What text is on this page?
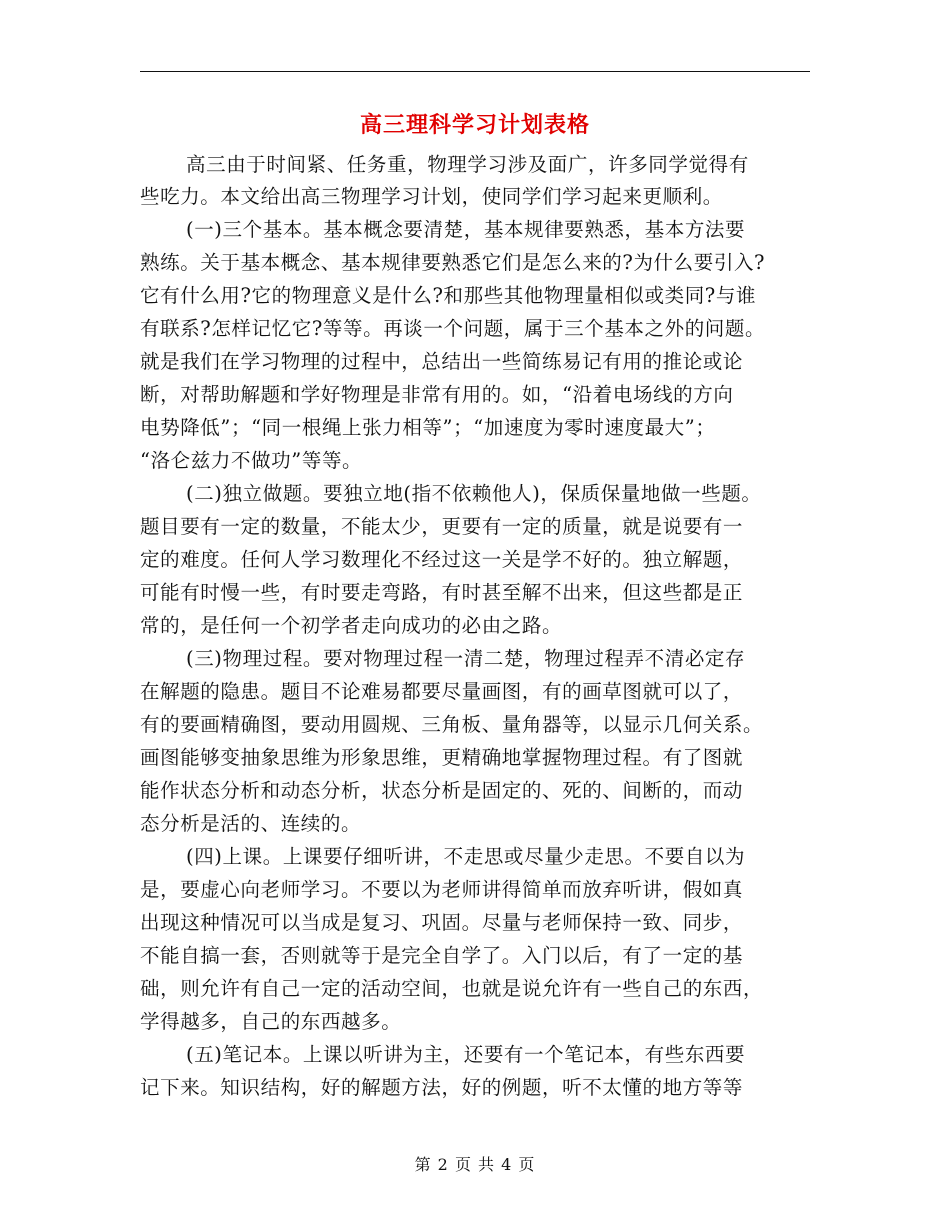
高三理科学习计划表格
高三由于时间紧、任务重，物理学习涉及面广，许多同学觉得有
些吃力。本文给出高三物理学习计划，使同学们学习起来更顺利。
(一)三个基本。基本概念要清楚，基本规律要熟悉，基本方法要
熟练。关于基本概念、基本规律要熟悉它们是怎么来的?为什么要引入?
它有什么用?它的物理意义是什么?和那些其他物理量相似或类同?与谁
有联系?怎样记忆它?等等。再谈一个问题，属于三个基本之外的问题。
就是我们在学习物理的过程中，总结出一些简练易记有用的推论或论
断，对帮助解题和学好物理是非常有用的。如，“沿着电场线的方向
电势降低”；“同一根绳上张力相等”；“加速度为零时速度最大”；
“洛仑兹力不做功”等等。
(二)独立做题。要独立地(指不依赖他人)，保质保量地做一些题。
题目要有一定的数量，不能太少，更要有一定的质量，就是说要有一
定的难度。任何人学习数理化不经过这一关是学不好的。独立解题，
可能有时慢一些，有时要走弯路，有时甚至解不出来，但这些都是正
常的，是任何一个初学者走向成功的必由之路。
(三)物理过程。要对物理过程一清二楚，物理过程弄不清必定存
在解题的隐患。题目不论难易都要尽量画图，有的画草图就可以了，
有的要画精确图，要动用圆规、三角板、量角器等，以显示几何关系。
画图能够变抽象思维为形象思维，更精确地掌握物理过程。有了图就
能作状态分析和动态分析，状态分析是固定的、死的、间断的，而动
态分析是活的、连续的。
(四)上课。上课要仔细听讲，不走思或尽量少走思。不要自以为
是，要虚心向老师学习。不要以为老师讲得简单而放弃听讲，假如真
出现这种情况可以当成是复习、巩固。尽量与老师保持一致、同步，
不能自搞一套，否则就等于是完全自学了。入门以后，有了一定的基
础，则允许有自己一定的活动空间，也就是说允许有一些自己的东西，
学得越多，自己的东西越多。
(五)笔记本。上课以听讲为主，还要有一个笔记本，有些东西要
记下来。知识结构，好的解题方法，好的例题，听不太懂的地方等等
第 2 页 共 4 页
